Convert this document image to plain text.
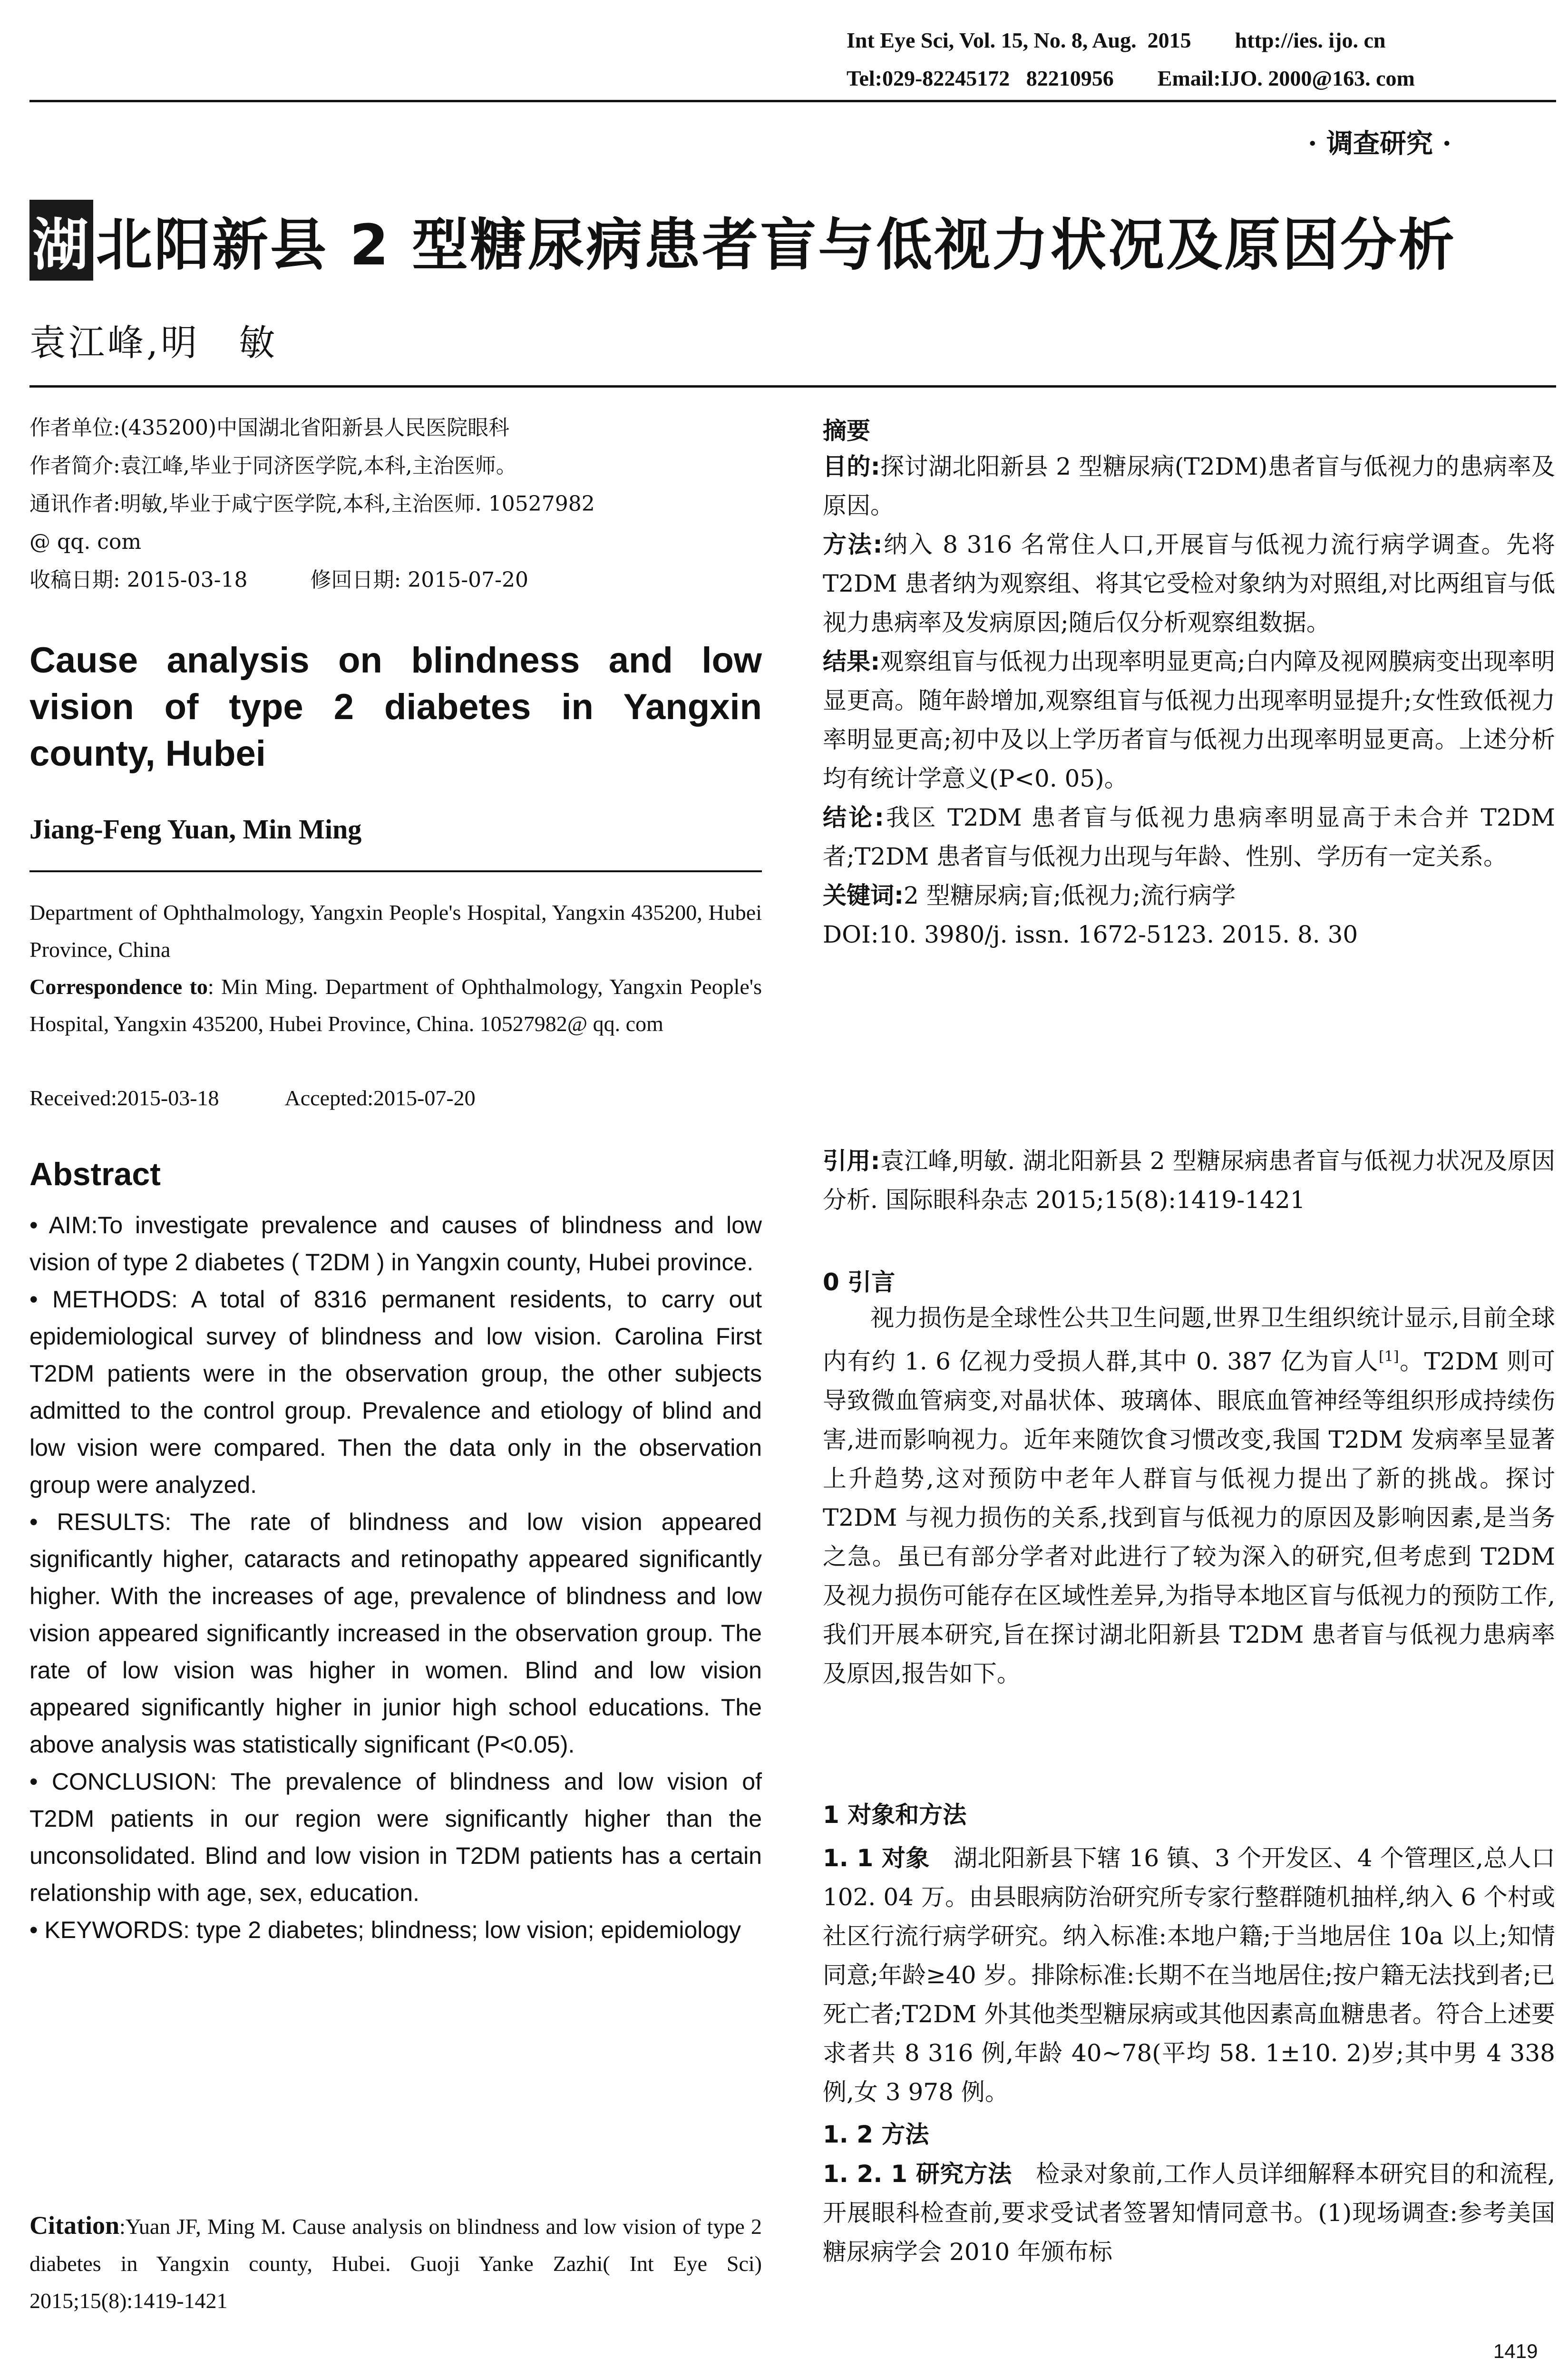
Int Eye Sci, Vol. 15, No. 8, Aug.  2015        http://ies. ijo. cn
Tel:029-82245172   82210956        Email:IJO. 2000@163. com
· 调查研究 ·
湖 北阳新县 2 型糖尿病患者盲与低视力状况及原因分析
袁江峰,明　敏
作者单位:(435200)中国湖北省阳新县人民医院眼科
作者简介:袁江峰,毕业于同济医学院,本科,主治医师。
通讯作者:明敏,毕业于咸宁医学院,本科,主治医师. 10527982
@ qq. com
收稿日期: 2015-03-18　　　修回日期: 2015-07-20
Cause analysis on blindness and low vision of type 2 diabetes in Yangxin county, Hubei
Jiang-Feng Yuan, Min Ming
Department of Ophthalmology, Yangxin People's Hospital, Yangxin 435200, Hubei Province, China
Correspondence to: Min Ming. Department of Ophthalmology, Yangxin People's Hospital, Yangxin 435200, Hubei Province, China. 10527982@ qq. com
Received:2015-03-18　　　Accepted:2015-07-20
Abstract

• AIM:To investigate prevalence and causes of blindness and low vision of type 2 diabetes ( T2DM ) in Yangxin county, Hubei province.

• METHODS: A total of 8316 permanent residents, to carry out epidemiological survey of blindness and low vision. Carolina First T2DM patients were in the observation group, the other subjects admitted to the control group. Prevalence and etiology of blind and low vision were compared. Then the data only in the observation group were analyzed.

• RESULTS: The rate of blindness and low vision appeared significantly higher, cataracts and retinopathy appeared significantly higher. With the increases of age, prevalence of blindness and low vision appeared significantly increased in the observation group. The rate of low vision was higher in women. Blind and low vision appeared significantly higher in junior high school educations. The above analysis was statistically significant (P<0.05).

• CONCLUSION: The prevalence of blindness and low vision of T2DM patients in our region were significantly higher than the unconsolidated. Blind and low vision in T2DM patients has a certain relationship with age, sex, education.

• KEYWORDS: type 2 diabetes; blindness; low vision; epidemiology

Citation:Yuan JF, Ming M. Cause analysis on blindness and low vision of type 2 diabetes in Yangxin county, Hubei. Guoji Yanke Zazhi( Int Eye Sci) 2015;15(8):1419-1421
摘要

目的:探讨湖北阳新县 2 型糖尿病(T2DM)患者盲与低视力的患病率及原因。

方法:纳入 8 316 名常住人口,开展盲与低视力流行病学调查。先将 T2DM 患者纳为观察组、将其它受检对象纳为对照组,对比两组盲与低视力患病率及发病原因;随后仅分析观察组数据。

结果:观察组盲与低视力出现率明显更高;白内障及视网膜病变出现率明显更高。随年龄增加,观察组盲与低视力出现率明显提升;女性致低视力率明显更高;初中及以上学历者盲与低视力出现率明显更高。上述分析均有统计学意义(P<0. 05)。

结论:我区 T2DM 患者盲与低视力患病率明显高于未合并 T2DM 者;T2DM 患者盲与低视力出现与年龄、性别、学历有一定关系。

关键词:2 型糖尿病;盲;低视力;流行病学

DOI:10. 3980/j. issn. 1672-5123. 2015. 8. 30

引用:袁江峰,明敏. 湖北阳新县 2 型糖尿病患者盲与低视力状况及原因分析. 国际眼科杂志 2015;15(8):1419-1421

0 引言

视力损伤是全球性公共卫生问题,世界卫生组织统计显示,目前全球内有约 1. 6 亿视力受损人群,其中 0. 387 亿为盲人[1]。T2DM 则可导致微血管病变,对晶状体、玻璃体、眼底血管神经等组织形成持续伤害,进而影响视力。近年来随饮食习惯改变,我国 T2DM 发病率呈显著上升趋势,这对预防中老年人群盲与低视力提出了新的挑战。探讨 T2DM 与视力损伤的关系,找到盲与低视力的原因及影响因素,是当务之急。虽已有部分学者对此进行了较为深入的研究,但考虑到 T2DM 及视力损伤可能存在区域性差异,为指导本地区盲与低视力的预防工作,我们开展本研究,旨在探讨湖北阳新县 T2DM 患者盲与低视力患病率及原因,报告如下。

1 对象和方法

1. 1 对象　湖北阳新县下辖 16 镇、3 个开发区、4 个管理区,总人口 102. 04 万。由县眼病防治研究所专家行整群随机抽样,纳入 6 个村或社区行流行病学研究。纳入标准:本地户籍;于当地居住 10a 以上;知情同意;年龄≥40 岁。排除标准:长期不在当地居住;按户籍无法找到者;已死亡者;T2DM 外其他类型糖尿病或其他因素高血糖患者。符合上述要求者共 8 316 例,年龄 40~78(平均 58. 1±10. 2)岁;其中男 4 338 例,女 3 978 例。

1. 2 方法

1. 2. 1 研究方法　检录对象前,工作人员详细解释本研究目的和流程,开展眼科检查前,要求受试者签署知情同意书。(1)现场调查:参考美国糖尿病学会 2010 年颁布标

1419
